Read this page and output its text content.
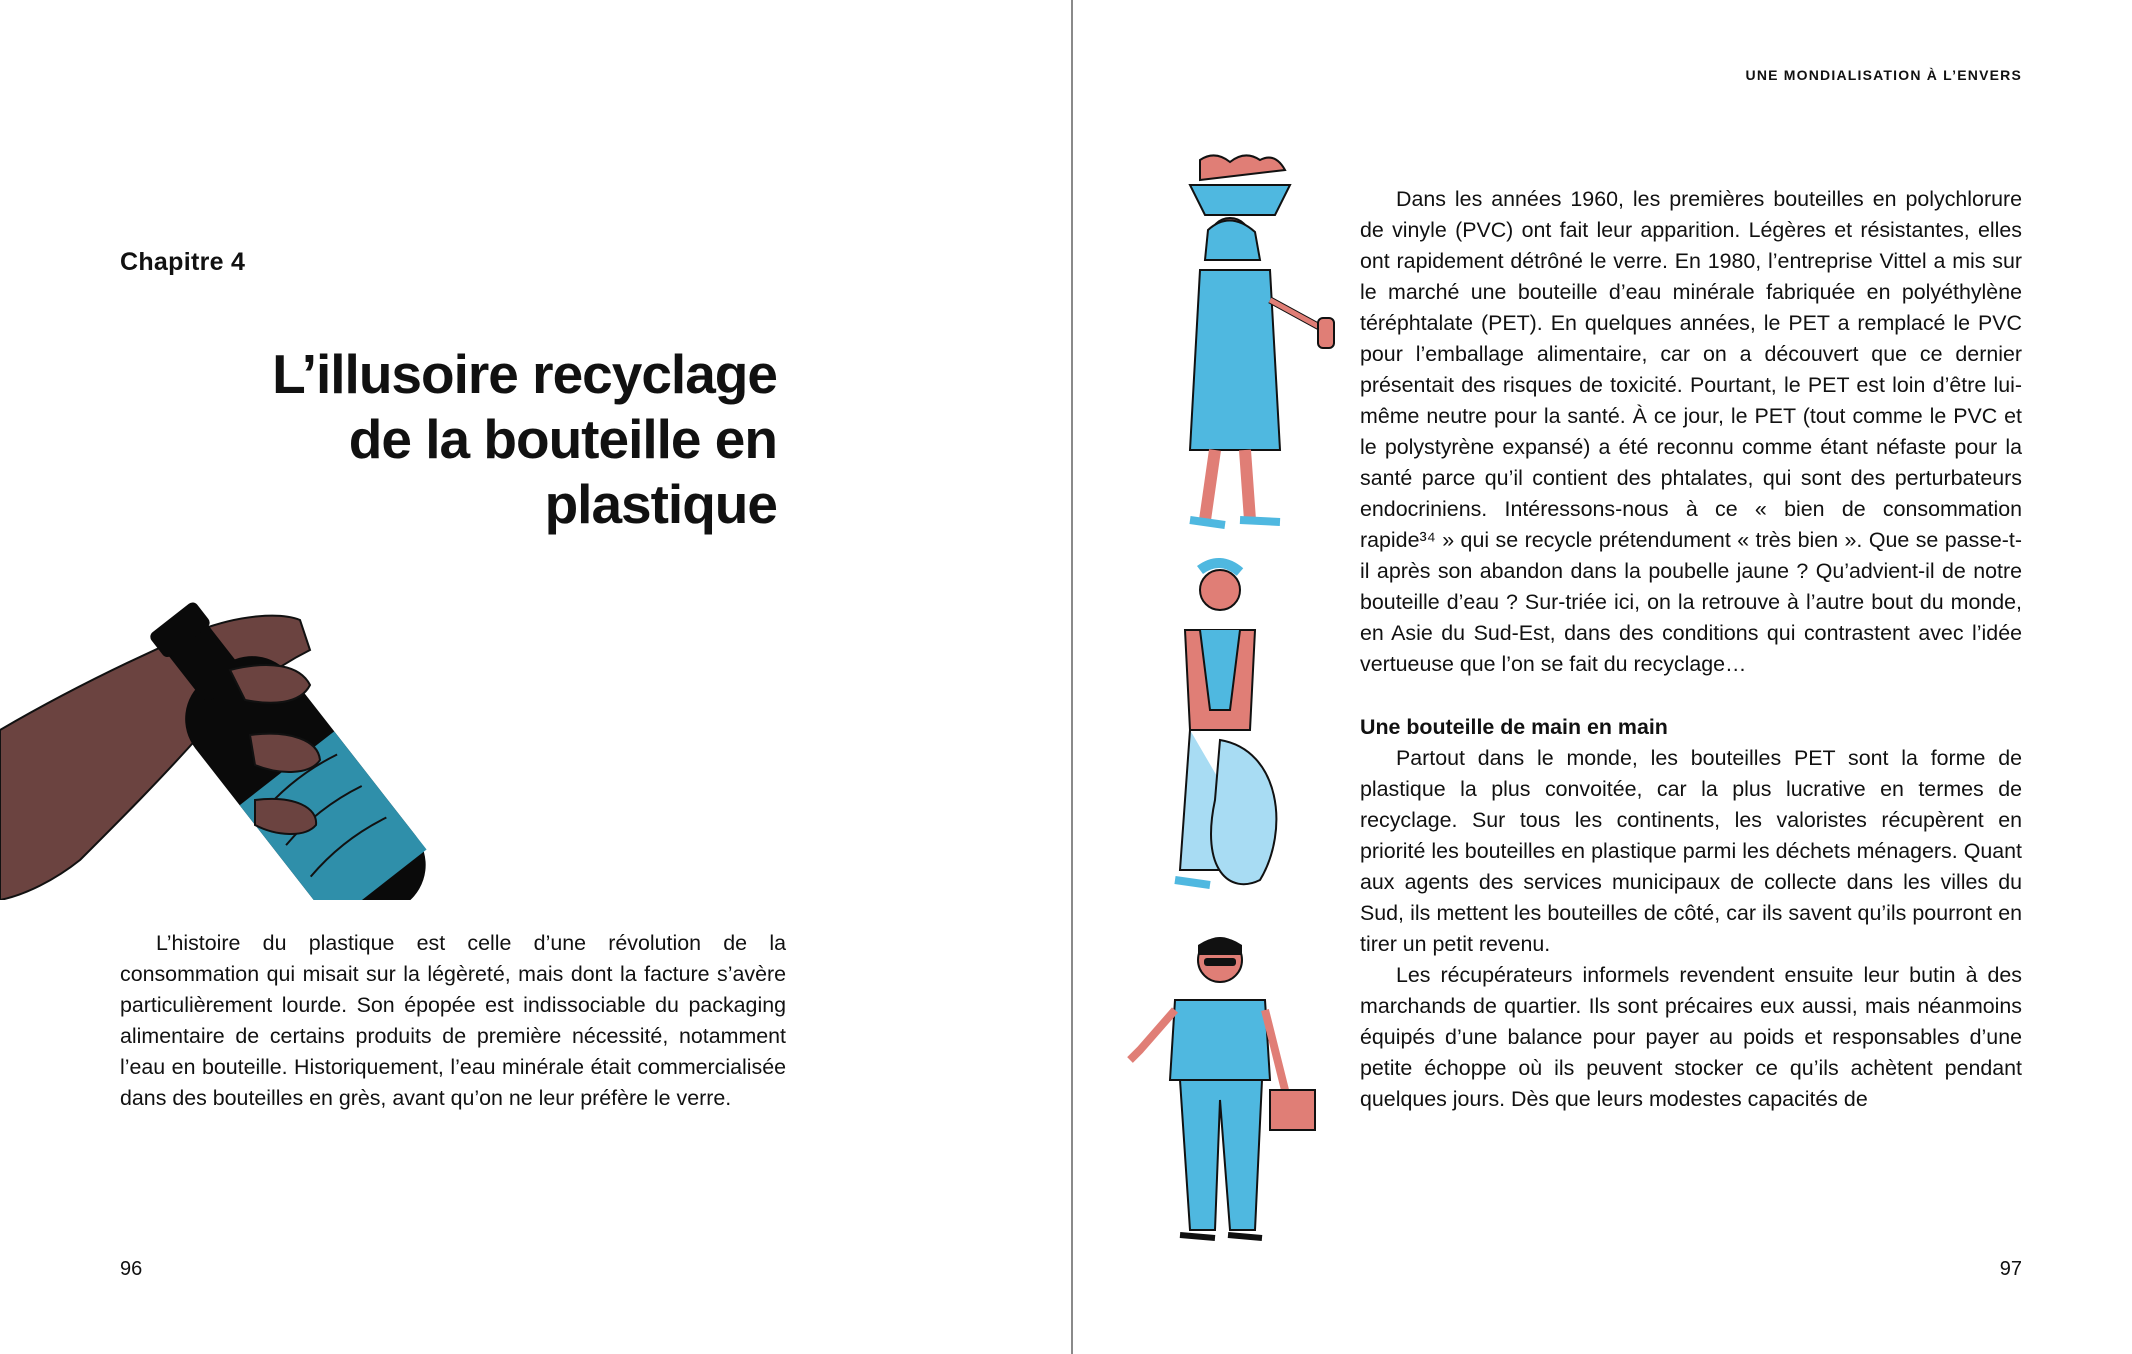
Chapitre 4
L’illusoire recyclage
de la bouteille en
plastique

L’histoire du plastique est celle d’une révolution de la consommation qui misait sur la légèreté, mais dont la facture s’avère particulièrement lourde. Son épopée est indissociable du packaging alimentaire de certains produits de première nécessité, notamment l’eau en bouteille. Historiquement, l’eau minérale était commercialisée dans des bouteilles en grès, avant qu’on ne leur préfère le verre.

96
UNE MONDIALISATION À L’ENVERS

Dans les années 1960, les premières bouteilles en polychlorure de vinyle (PVC) ont fait leur apparition. Légères et résistantes, elles ont rapidement détrôné le verre. En 1980, l’entreprise Vittel a mis sur le marché une bouteille d’eau minérale fabriquée en polyéthylène téréphtalate (PET). En quelques années, le PET a remplacé le PVC pour l’emballage alimentaire, car on a découvert que ce dernier présentait des risques de toxicité. Pourtant, le PET est loin d’être lui-même neutre pour la santé. À ce jour, le PET (tout comme le PVC et le polystyrène expansé) a été reconnu comme étant néfaste pour la santé parce qu’il contient des phtalates, qui sont des perturbateurs endocriniens. Intéressons-nous à ce « bien de consommation rapide³⁴ » qui se recycle prétendument « très bien ». Que se passe-t-il après son abandon dans la poubelle jaune ? Qu’advient-il de notre bouteille d’eau ? Sur-triée ici, on la retrouve à l’autre bout du monde, en Asie du Sud-Est, dans des conditions qui contrastent avec l’idée vertueuse que l’on se fait du recyclage…

Une bouteille de main en main

Partout dans le monde, les bouteilles PET sont la forme de plastique la plus convoitée, car la plus lucrative en termes de recyclage. Sur tous les continents, les valoristes récupèrent en priorité les bouteilles en plastique parmi les déchets ménagers. Quant aux agents des services municipaux de collecte dans les villes du Sud, ils mettent les bouteilles de côté, car ils savent qu’ils pourront en tirer un petit revenu.

Les récupérateurs informels revendent ensuite leur butin à des marchands de quartier. Ils sont précaires eux aussi, mais néanmoins équipés d’une balance pour payer au poids et responsables d’une petite échoppe où ils peuvent stocker ce qu’ils achètent pendant quelques jours. Dès que leurs modestes capacités de

97
